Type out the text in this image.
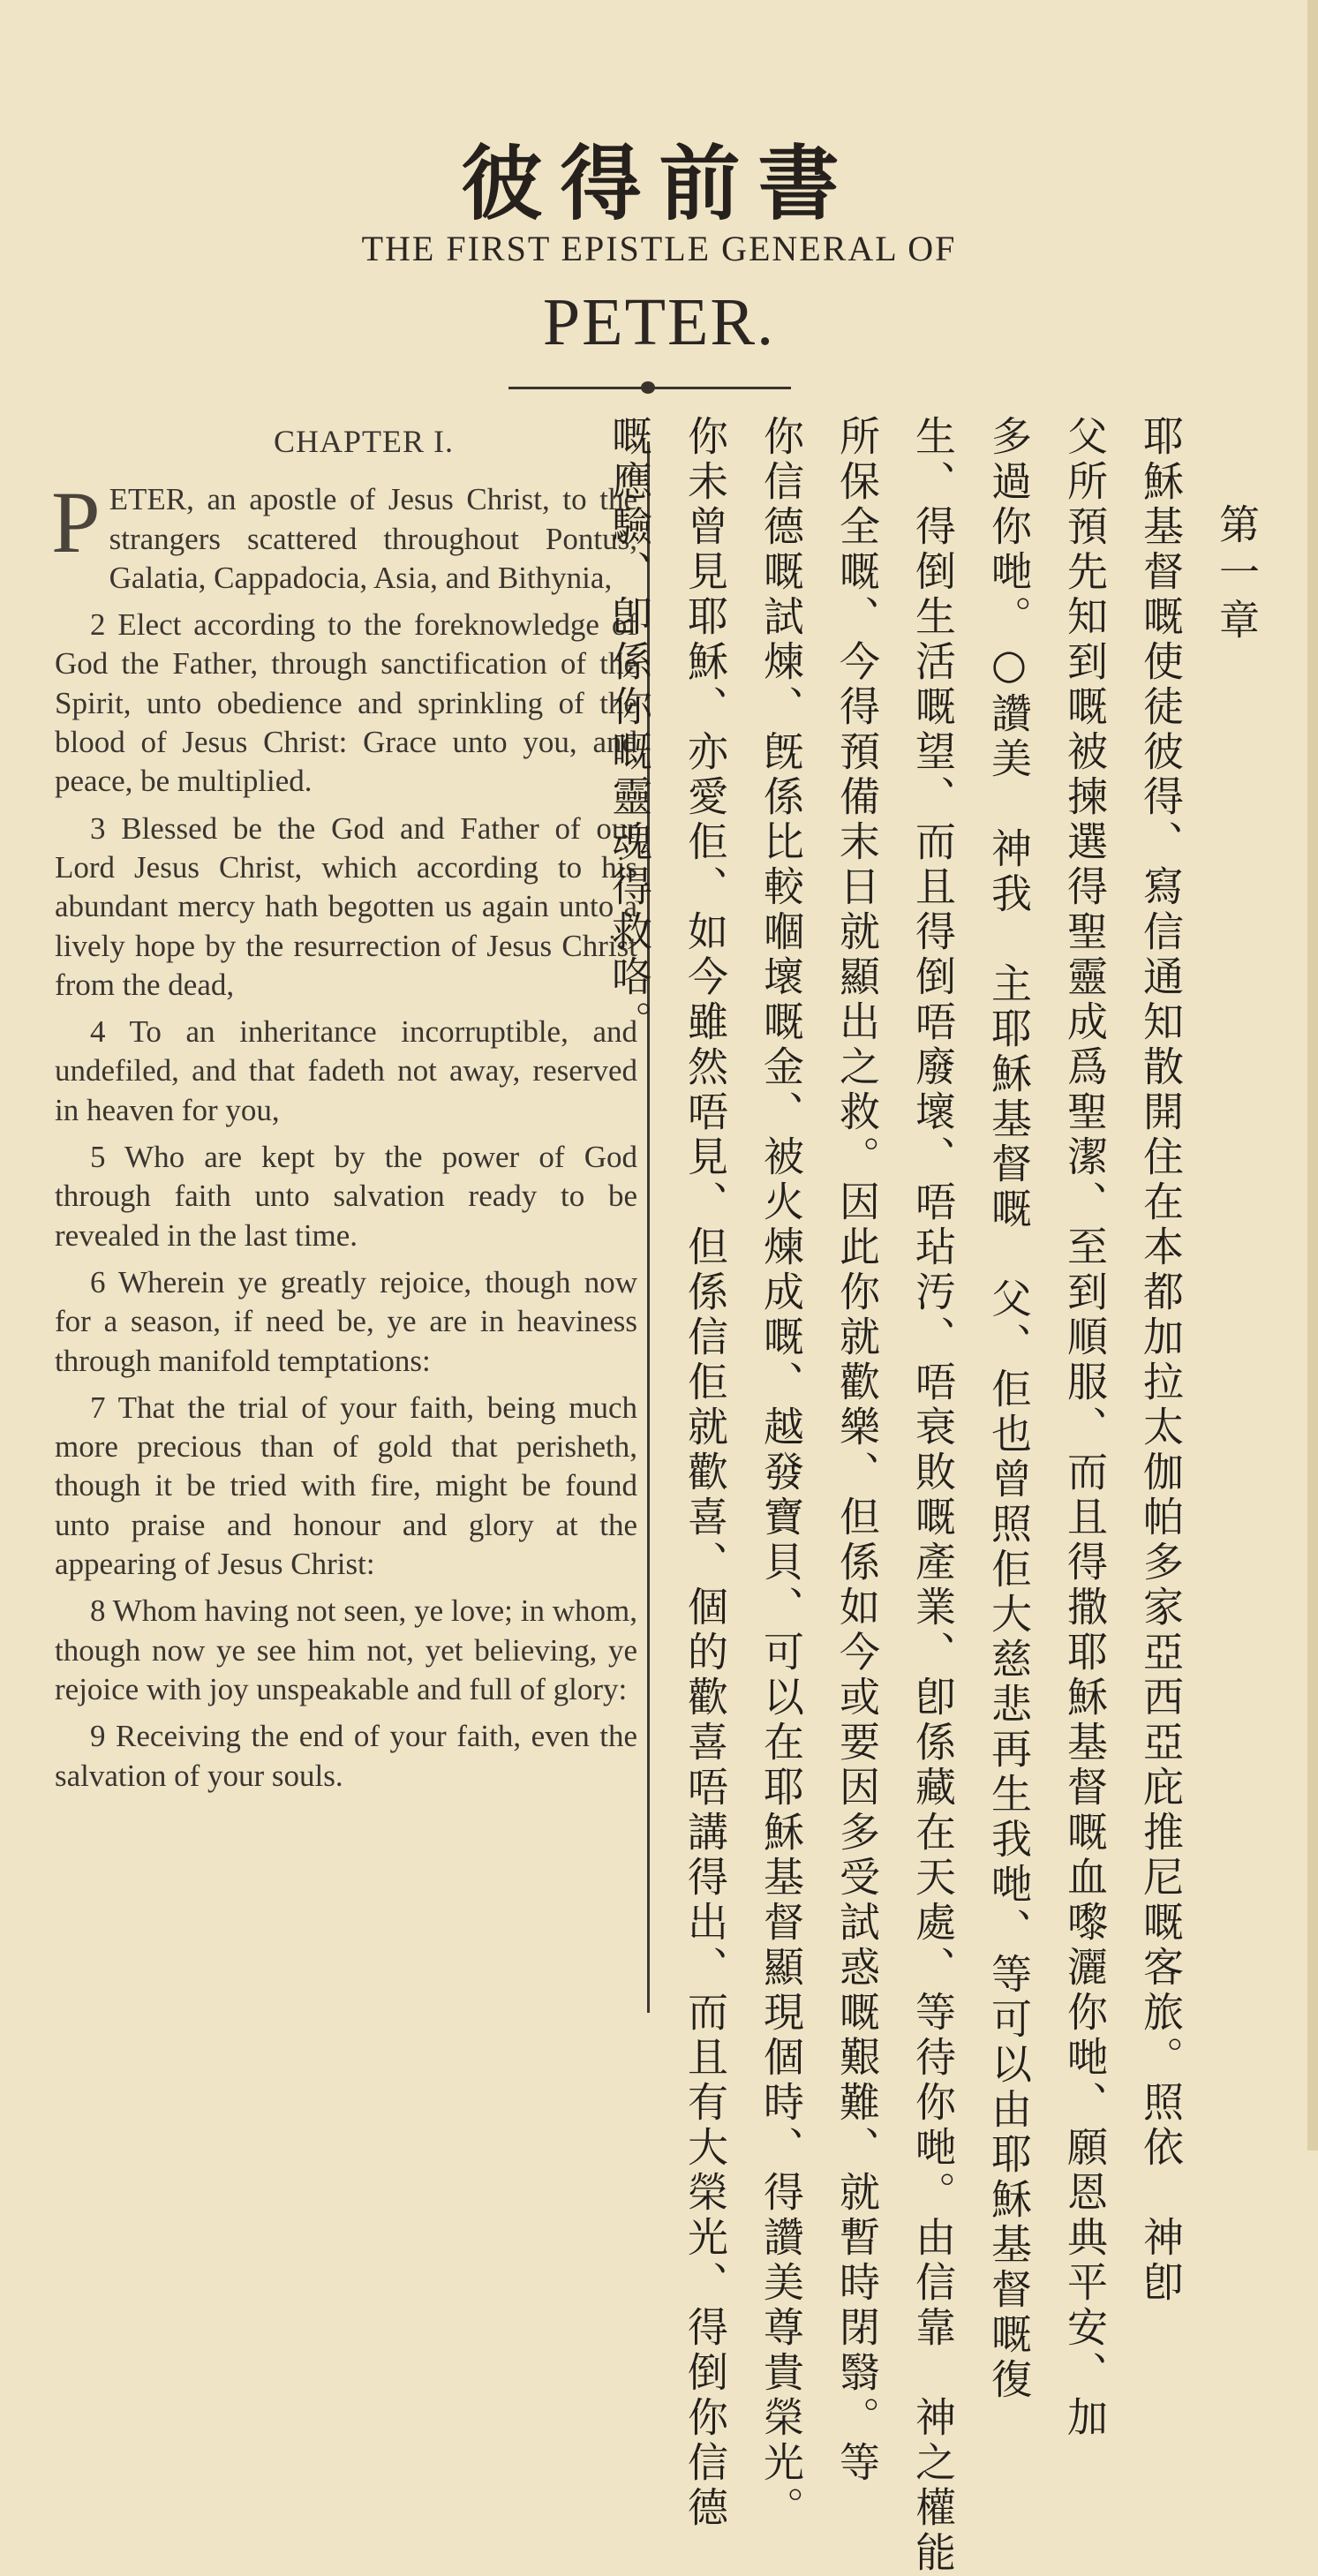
彼得前書
THE FIRST EPISTLE GENERAL OF
PETER.
CHAPTER I.

PETER, an apostle of Jesus Christ, to the strangers scattered throughout Pontus, Galatia, Cappadocia, Asia, and Bithynia,

2 Elect according to the foreknowledge of God the Father, through sanctification of the Spirit, unto obedience and sprinkling of the blood of Jesus Christ: Grace unto you, and peace, be multiplied.

3 Blessed be the God and Father of our Lord Jesus Christ, which according to his abundant mercy hath begotten us again unto a lively hope by the resurrection of Jesus Christ from the dead,

4 To an inheritance incorruptible, and undefiled, and that fadeth not away, reserved in heaven for you,

5 Who are kept by the power of God through faith unto salvation ready to be revealed in the last time.

6 Wherein ye greatly rejoice, though now for a season, if need be, ye are in heaviness through manifold temptations:

7 That the trial of your faith, being much more precious than of gold that perisheth, though it be tried with fire, might be found unto praise and honour and glory at the appearing of Jesus Christ:

8 Whom having not seen, ye love; in whom, though now ye see him not, yet believing, ye rejoice with joy unspeakable and full of glory:

9 Receiving the end of your faith, even the salvation of your souls.

第一章
耶穌基督嘅使徒彼得、寫信通知散開住在本都加拉太伽帕多家亞西亞庇推尼嘅客旅。照依　神卽
父所預先知到嘅被揀選得聖靈成爲聖潔、至到順服、而且得撒耶穌基督嘅血嚟灑你哋、願恩典平安、加
多過你哋。○讚美　神我　主耶穌基督嘅　父、佢也曾照佢大慈悲再生我哋、等可以由耶穌基督嘅復
生、得倒生活嘅望、而且得倒唔廢壞、唔玷汚、唔衰敗嘅產業、卽係藏在天處、等待你哋。由信靠　神之權能
所保全嘅、今得預備末日就顯出之救。因此你就歡樂、但係如今或要因多受試惑嘅艱難、就暫時閉翳。等
你信德嘅試煉、旣係比較嗰壞嘅金、被火煉成嘅、越發寶貝、可以在耶穌基督顯現個時、得讚美尊貴榮光。
你未曾見耶穌、亦愛佢、如今雖然唔見、但係信佢就歡喜、個的歡喜唔講得出、而且有大榮光、得倒你信德
嘅應驗、卽係你嘅靈魂得救咯。
